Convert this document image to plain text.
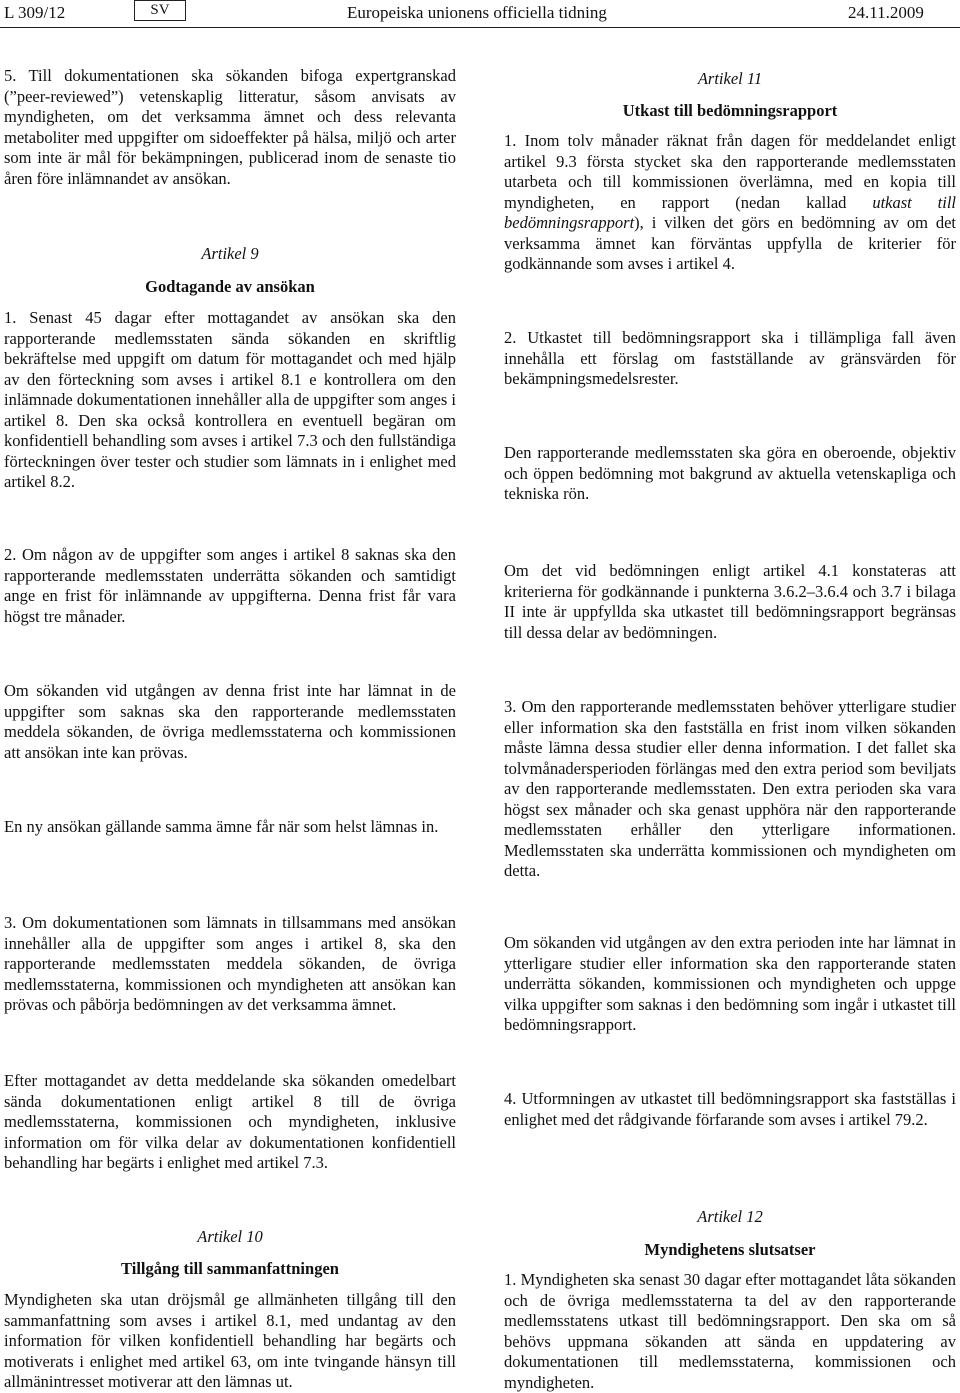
L 309/12	SV	Europeiska unionens officiella tidning	24.11.2009

5. Till dokumentationen ska sökanden bifoga expertgranskad (”peer-reviewed”) vetenskaplig litteratur, såsom anvisats av myndigheten, om det verksamma ämnet och dess relevanta metaboliter med uppgifter om sidoeffekter på hälsa, miljö och arter som inte är mål för bekämpningen, publicerad inom de senaste tio åren före inlämnandet av ansökan.

Artikel 9

Godtagande av ansökan

1. Senast 45 dagar efter mottagandet av ansökan ska den rapporterande medlemsstaten sända sökanden en skriftlig bekräftelse med uppgift om datum för mottagandet och med hjälp av den förteckning som avses i artikel 8.1 e kontrollera om den inlämnade dokumentationen innehåller alla de uppgifter som anges i artikel 8. Den ska också kontrollera en eventuell begäran om konfidentiell behandling som avses i artikel 7.3 och den fullständiga förteckningen över tester och studier som lämnats in i enlighet med artikel 8.2.

2. Om någon av de uppgifter som anges i artikel 8 saknas ska den rapporterande medlemsstaten underrätta sökanden och samtidigt ange en frist för inlämnande av uppgifterna. Denna frist får vara högst tre månader.

Om sökanden vid utgången av denna frist inte har lämnat in de uppgifter som saknas ska den rapporterande medlemsstaten meddela sökanden, de övriga medlemsstaterna och kommissionen att ansökan inte kan prövas.

En ny ansökan gällande samma ämne får när som helst lämnas in.

3. Om dokumentationen som lämnats in tillsammans med ansökan innehåller alla de uppgifter som anges i artikel 8, ska den rapporterande medlemsstaten meddela sökanden, de övriga medlemsstaterna, kommissionen och myndigheten att ansökan kan prövas och påbörja bedömningen av det verksamma ämnet.

Efter mottagandet av detta meddelande ska sökanden omedelbart sända dokumentationen enligt artikel 8 till de övriga medlemsstaterna, kommissionen och myndigheten, inklusive information om för vilka delar av dokumentationen konfidentiell behandling har begärts i enlighet med artikel 7.3.

Artikel 10

Tillgång till sammanfattningen

Myndigheten ska utan dröjsmål ge allmänheten tillgång till den sammanfattning som avses i artikel 8.1, med undantag av den information för vilken konfidentiell behandling har begärts och motiverats i enlighet med artikel 63, om inte tvingande hänsyn till allmänintresset motiverar att den lämnas ut.

Artikel 11

Utkast till bedömningsrapport

1. Inom tolv månader räknat från dagen för meddelandet enligt artikel 9.3 första stycket ska den rapporterande medlemsstaten utarbeta och till kommissionen överlämna, med en kopia till myndigheten, en rapport (nedan kallad utkast till bedömningsrapport), i vilken det görs en bedömning av om det verksamma ämnet kan förväntas uppfylla de kriterier för godkännande som avses i artikel 4.

2. Utkastet till bedömningsrapport ska i tillämpliga fall även innehålla ett förslag om fastställande av gränsvärden för bekämpningsmedelsrester.

Den rapporterande medlemsstaten ska göra en oberoende, objektiv och öppen bedömning mot bakgrund av aktuella vetenskapliga och tekniska rön.

Om det vid bedömningen enligt artikel 4.1 konstateras att kriterierna för godkännande i punkterna 3.6.2–3.6.4 och 3.7 i bilaga II inte är uppfyllda ska utkastet till bedömningsrapport begränsas till dessa delar av bedömningen.

3. Om den rapporterande medlemsstaten behöver ytterligare studier eller information ska den fastställa en frist inom vilken sökanden måste lämna dessa studier eller denna information. I det fallet ska tolvmånadersperioden förlängas med den extra period som beviljats av den rapporterande medlemsstaten. Den extra perioden ska vara högst sex månader och ska genast upphöra när den rapporterande medlemsstaten erhåller den ytterligare informationen. Medlemsstaten ska underrätta kommissionen och myndigheten om detta.

Om sökanden vid utgången av den extra perioden inte har lämnat in ytterligare studier eller information ska den rapporterande staten underrätta sökanden, kommissionen och myndigheten och uppge vilka uppgifter som saknas i den bedömning som ingår i utkastet till bedömningsrapport.

4. Utformningen av utkastet till bedömningsrapport ska fastställas i enlighet med det rådgivande förfarande som avses i artikel 79.2.

Artikel 12

Myndighetens slutsatser

1. Myndigheten ska senast 30 dagar efter mottagandet låta sökanden och de övriga medlemsstaterna ta del av den rapporterande medlemsstatens utkast till bedömningsrapport. Den ska om så behövs uppmana sökanden att sända en uppdatering av dokumentationen till medlemsstaterna, kommissionen och myndigheten.
